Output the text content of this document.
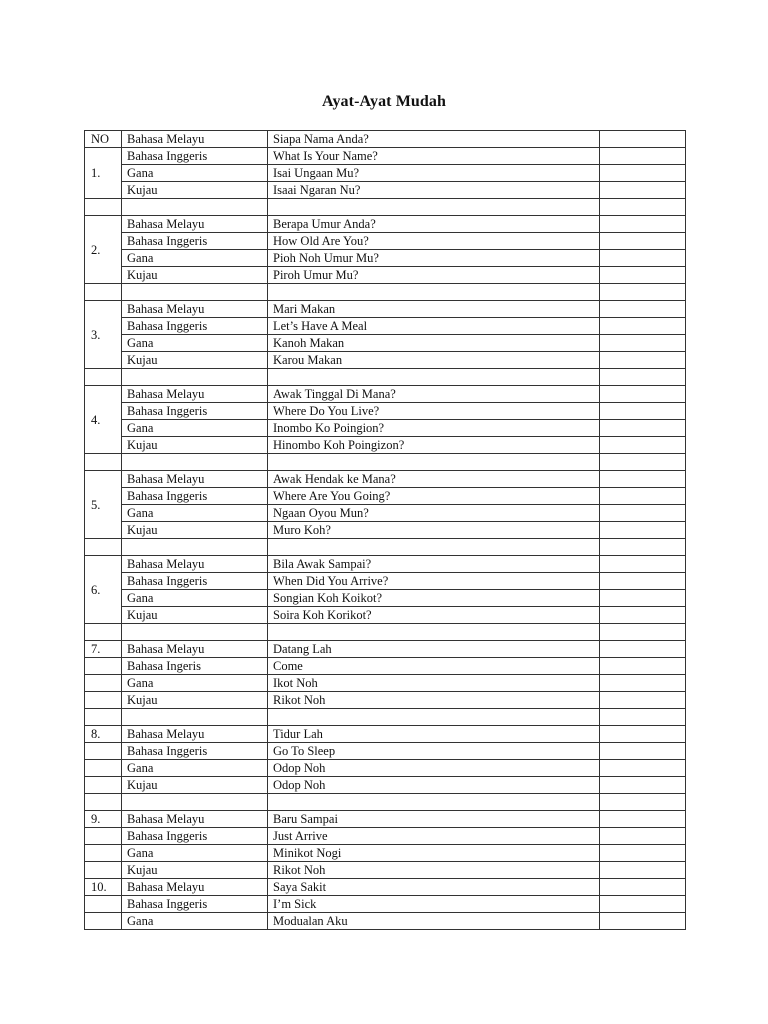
Ayat-Ayat Mudah
NO	Bahasa Melayu	Siapa Nama Anda?	
1.	Bahasa Inggeris	What Is Your Name?	
	Gana	Isai Ungaan Mu?	
	Kujau	Isaai Ngaran Nu?	

2.	Bahasa Melayu	Berapa Umur Anda?	
	Bahasa Inggeris	How Old Are You?	
	Gana	Pioh Noh Umur Mu?	
	Kujau	Piroh Umur Mu?	

3.	Bahasa Melayu	Mari Makan	
	Bahasa Inggeris	Let’s Have A Meal	
	Gana	Kanoh Makan	
	Kujau	Karou Makan	

4.	Bahasa Melayu	Awak Tinggal Di Mana?	
	Bahasa Inggeris	Where Do You Live?	
	Gana	Inombo Ko Poingion?	
	Kujau	Hinombo Koh Poingizon?	

5.	Bahasa Melayu	Awak Hendak ke Mana?	
	Bahasa Inggeris	Where Are You Going?	
	Gana	Ngaan Oyou Mun?	
	Kujau	Muro Koh?	

6.	Bahasa Melayu	Bila Awak Sampai?	
	Bahasa Inggeris	When Did You Arrive?	
	Gana	Songian Koh Koikot?	
	Kujau	Soira Koh Korikot?	

7.	Bahasa Melayu	Datang Lah	
	Bahasa Ingeris	Come	
	Gana	Ikot Noh	
	Kujau	Rikot Noh	

8.	Bahasa Melayu	Tidur Lah	
	Bahasa Inggeris	Go To Sleep	
	Gana	Odop Noh	
	Kujau	Odop Noh	

9.	Bahasa Melayu	Baru Sampai	
	Bahasa Inggeris	Just Arrive	
	Gana	Minikot Nogi	
	Kujau	Rikot Noh	
10.	Bahasa Melayu	Saya Sakit	
	Bahasa Inggeris	I’m Sick	
	Gana	Modualan Aku	
